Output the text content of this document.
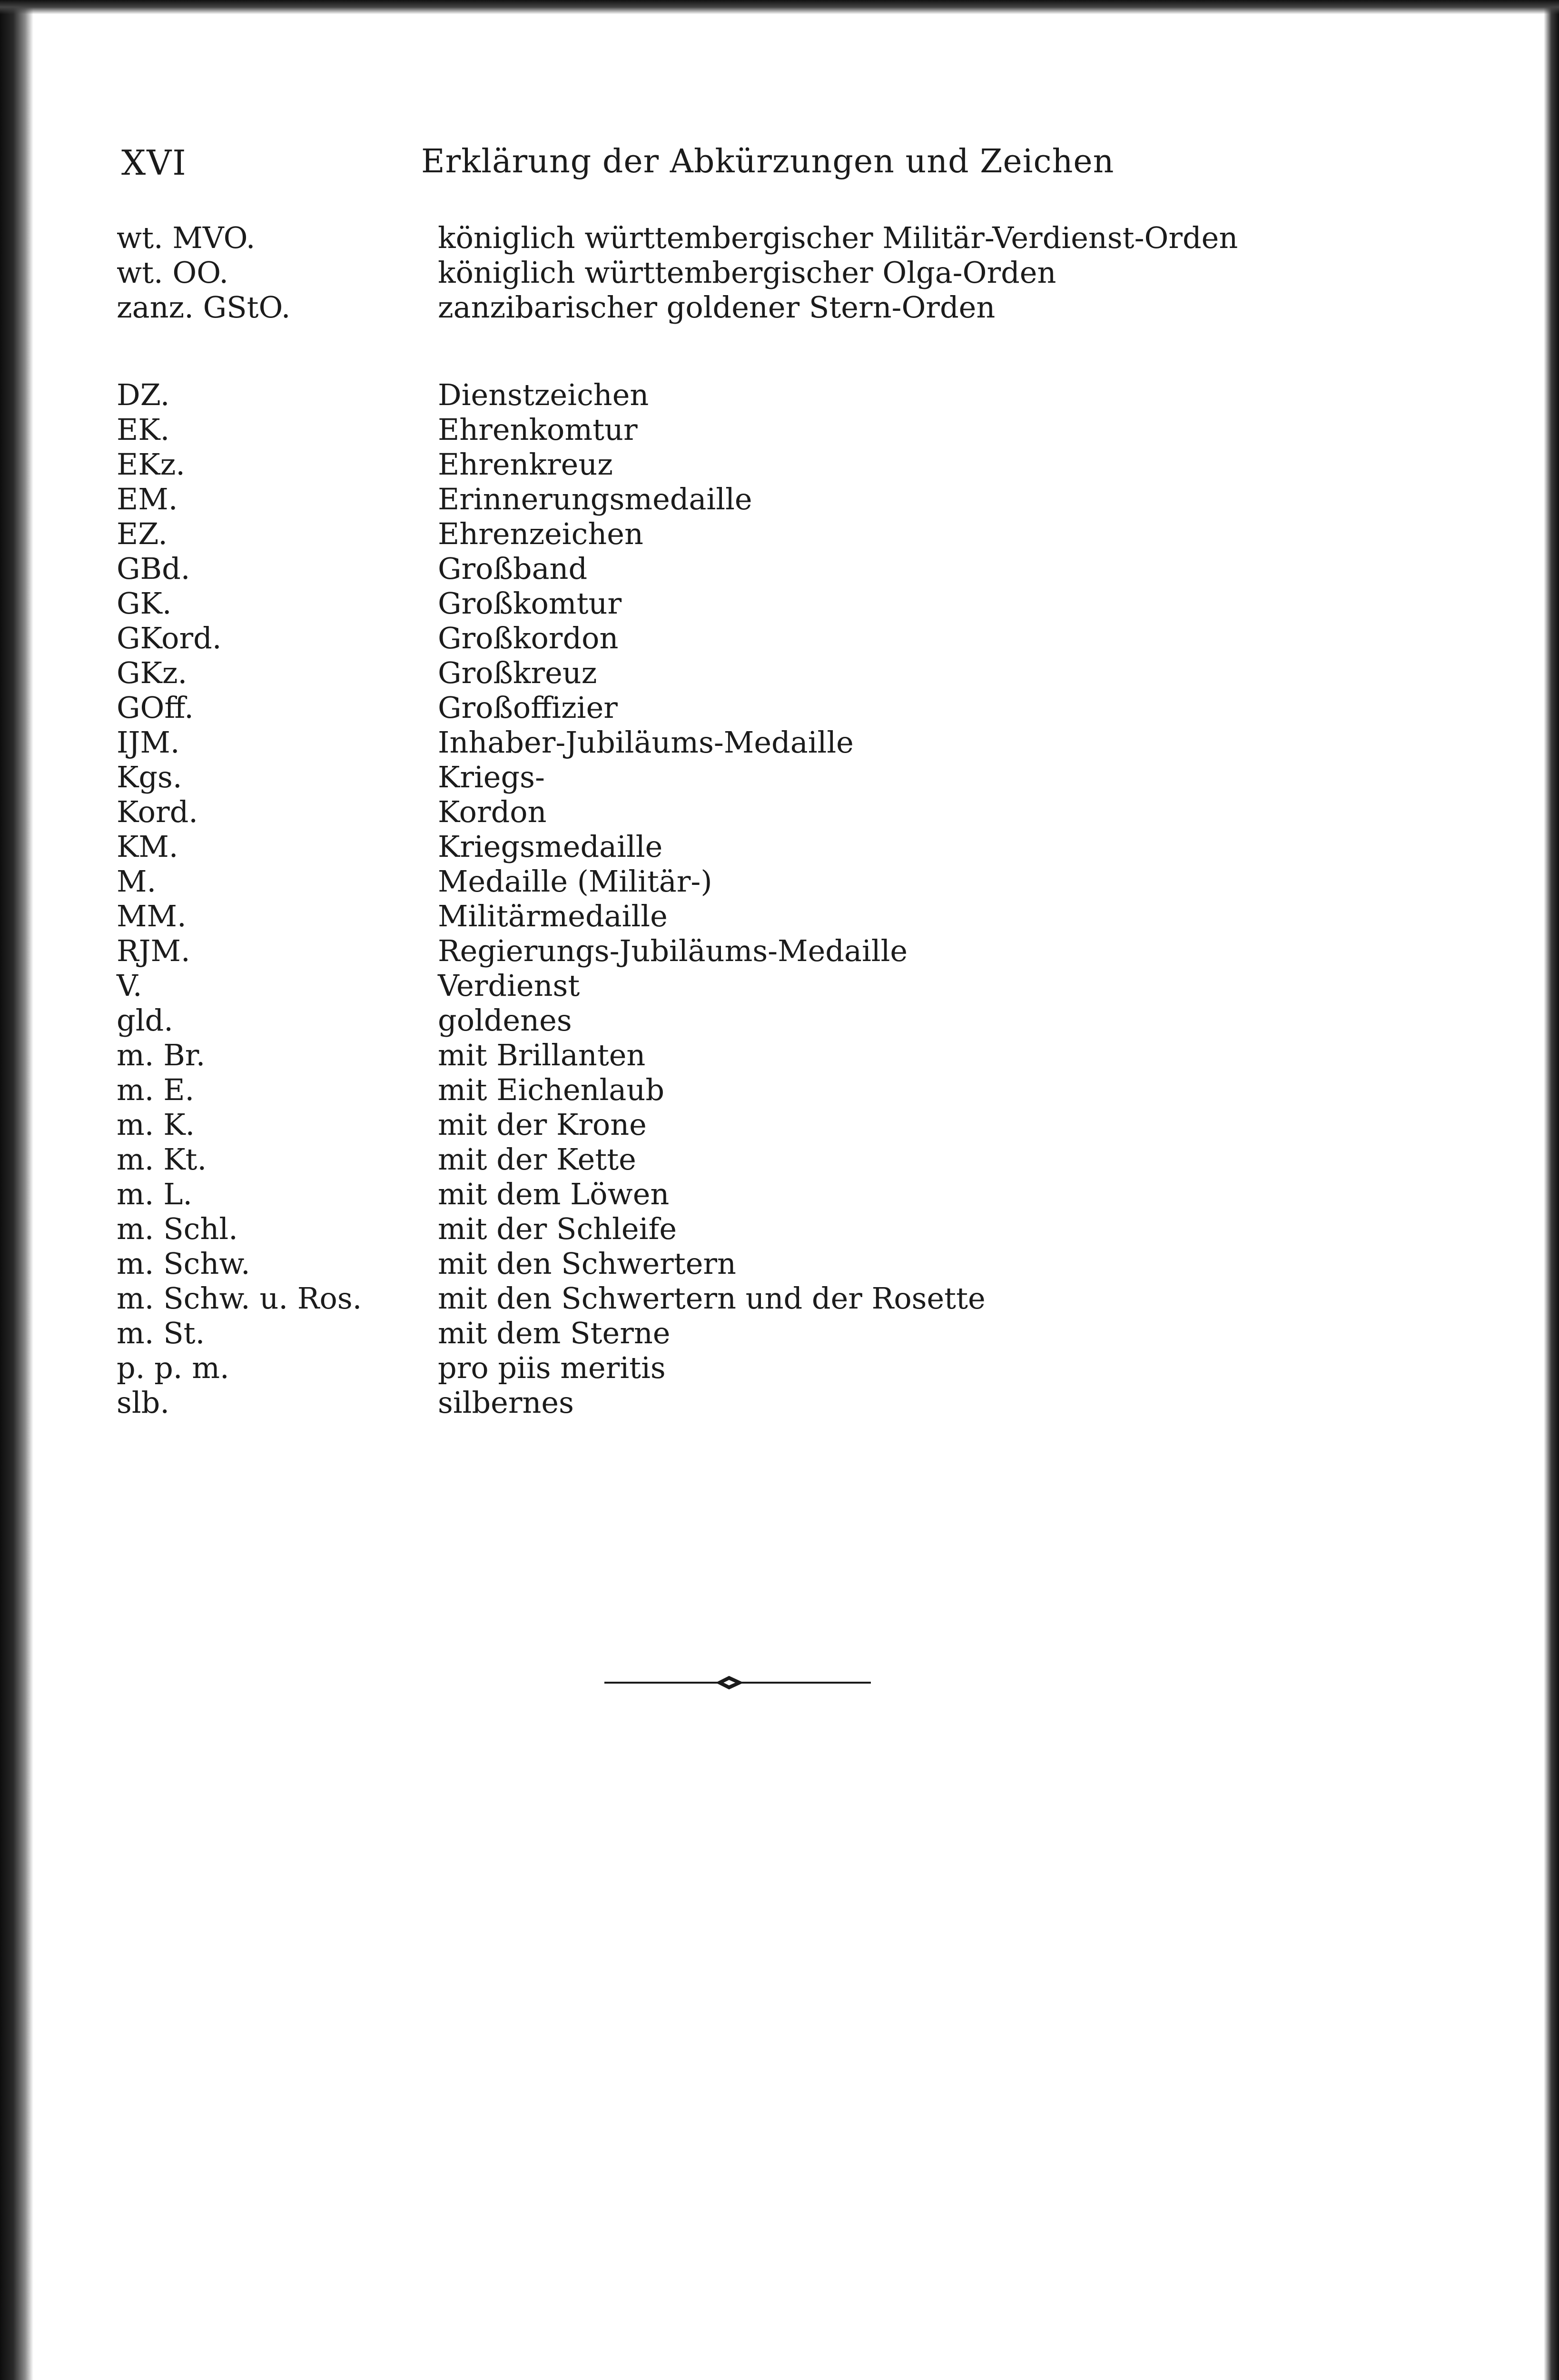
XVI	Erklärung der Abkürzungen und Zeichen
wt. MVO.	königlich württembergischer Militär-Verdienst-Orden
wt. OO.	königlich württembergischer Olga-Orden
zanz. GStO.	zanzibarischer goldener Stern-Orden
DZ.	Dienstzeichen
EK.	Ehrenkomtur
EKz.	Ehrenkreuz
EM.	Erinnerungsmedaille
EZ.	Ehrenzeichen
GBd.	Großband
GK.	Großkomtur
GKord.	Großkordon
GKz.	Großkreuz
GOff.	Großoffizier
IJM.	Inhaber-Jubiläums-Medaille
Kgs.	Kriegs-
Kord.	Kordon
KM.	Kriegsmedaille
M.	Medaille (Militär-)
MM.	Militärmedaille
RJM.	Regierungs-Jubiläums-Medaille
V.	Verdienst
gld.	goldenes
m. Br.	mit Brillanten
m. E.	mit Eichenlaub
m. K.	mit der Krone
m. Kt.	mit der Kette
m. L.	mit dem Löwen
m. Schl.	mit der Schleife
m. Schw.	mit den Schwertern
m. Schw. u. Ros.	mit den Schwertern und der Rosette
m. St.	mit dem Sterne
p. p. m.	pro piis meritis
slb.	silbernes
